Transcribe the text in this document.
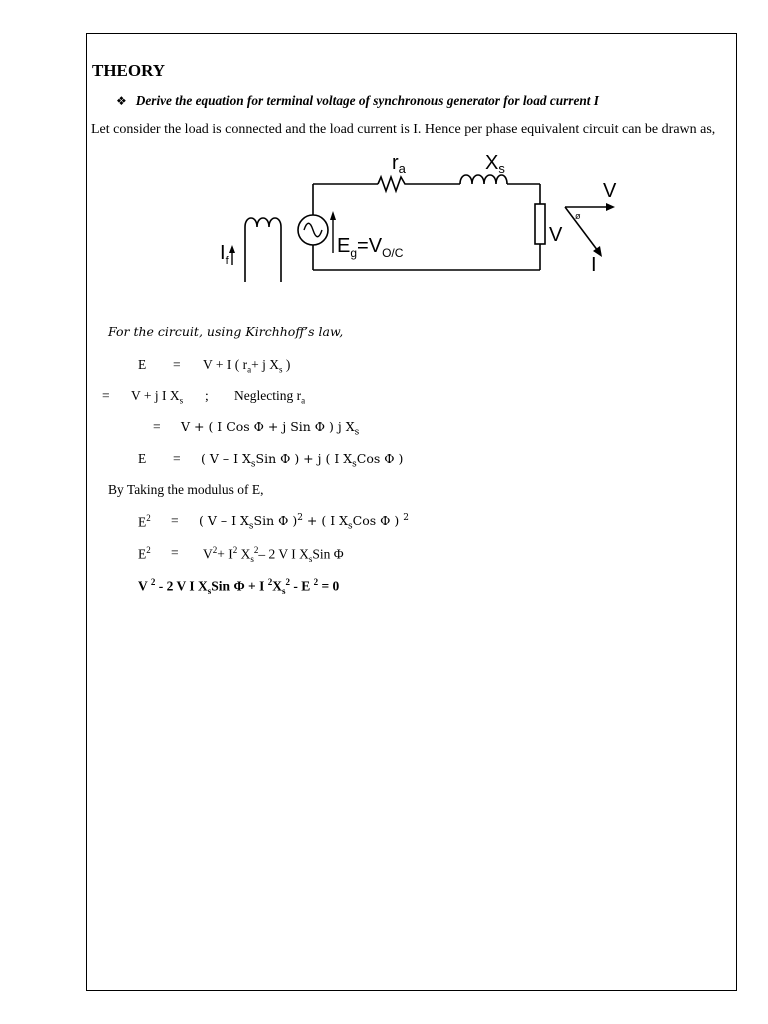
THEORY
❖ Derive the equation for terminal voltage of synchronous generator for load current I
Let consider the load is connected and the load current is I. Hence per phase equivalent circuit can be drawn as,
$I_f$
$r_a$	$X_s$
$E_g=V_{O/C}$
V
V
I
ø
For the circuit, using Kirchhoff’s law,
E = V + I ( $r_a+ j$ $X_s$ )
= V + j I $X_s$ ; Neglecting $r_a$
= V + ( I Cos Φ + j Sin Φ ) j $X_s$
E = ( V – I $X_sSin$ Φ ) + j ( I $X_sCos$ Φ )
By Taking the modulus of E,
$E^2$ = ( V – I $X_sSin$ Φ )$^2$ + ( I $X_sCos$ Φ ) $^2$
$E^2 = V^2+ I^2$ $X_s^2-$ 2 V I $X_sSin$ Φ
V $^2$ - 2 V I $X_sSin$ Φ + I $^2X_s^2$ - E $^2$ = 0
